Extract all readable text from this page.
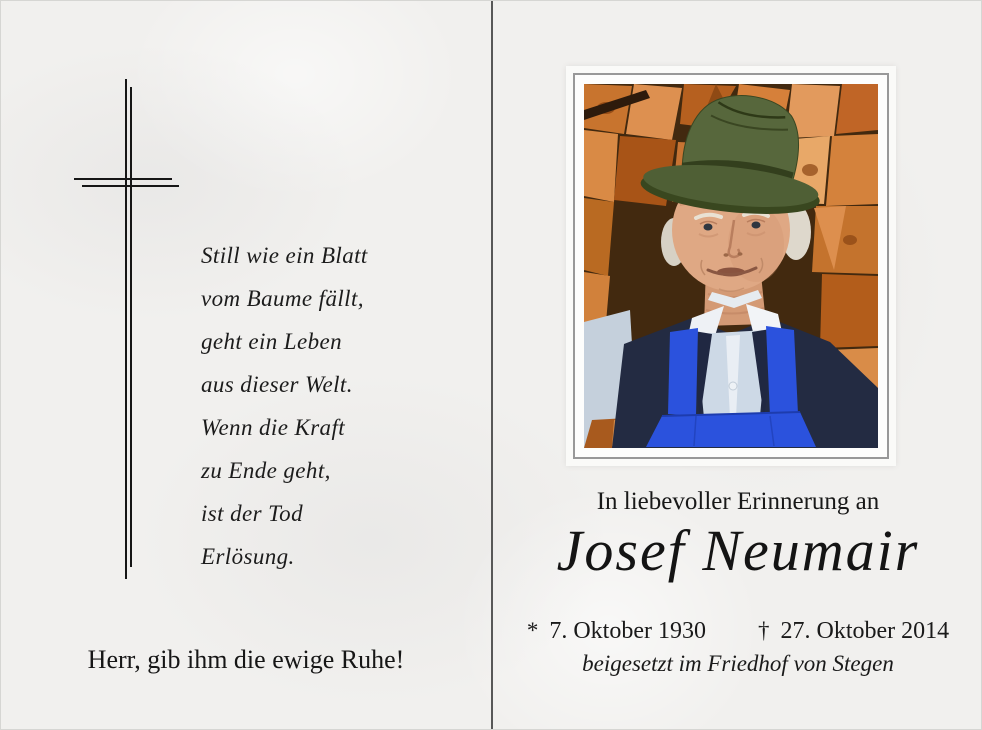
Still wie ein Blatt
vom Baume fällt,
geht ein Leben
aus dieser Welt.
Wenn die Kraft
zu Ende geht,
ist der Tod
Erlösung.
Herr, gib ihm die ewige Ruhe!
In liebevoller Erinnerung an
Josef Neumair
* 7. Oktober 1930 † 27. Oktober 2014
beigesetzt im Friedhof von Stegen
